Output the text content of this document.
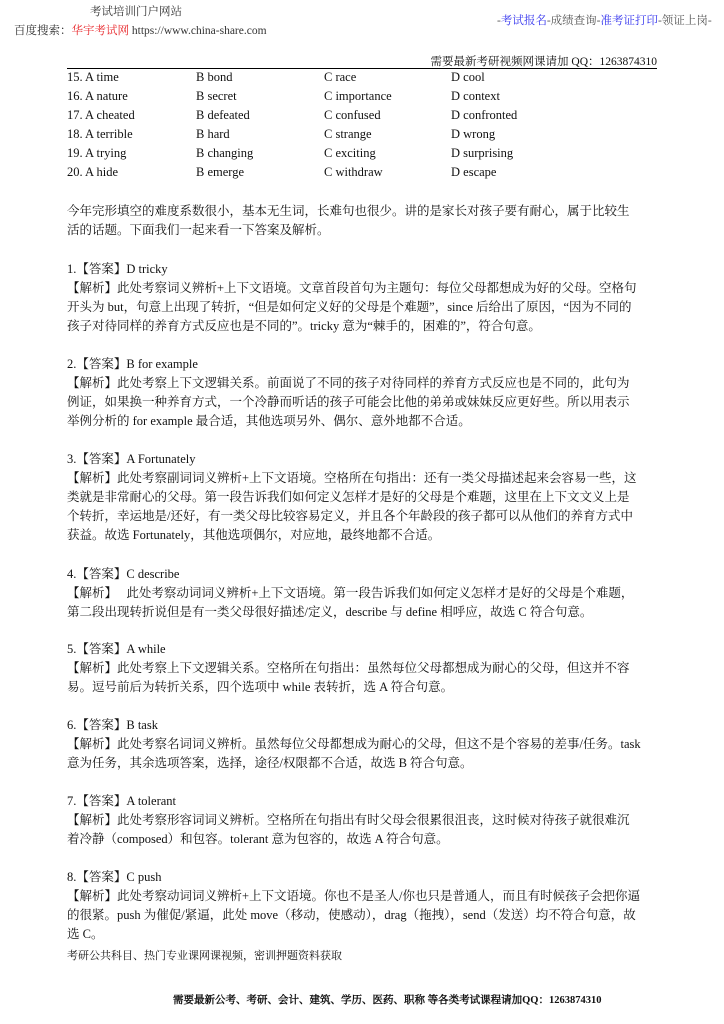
考试培训门户网站
百度搜索：华宇考试网 https://www.china-share.com
-考试报名-成绩查询-准考证打印-领证上岗-
需要最新考研视频网课请加 QQ：1263874310
15. A time	B bond	C race	D cool
16. A nature	B secret	C importance	D context
17. A cheated	B defeated	C confused	D confronted
18. A terrible	B hard	C strange	D wrong
19. A trying	B changing	C exciting	D surprising
20. A hide	B emerge	C withdraw	D escape
今年完形填空的难度系数很小，基本无生词，长难句也很少。讲的是家长对孩子要有耐心，属于比较生
活的话题。下面我们一起来看一下答案及解析。
1.【答案】D tricky
【解析】此处考察词义辨析+上下文语境。文章首段首句为主题句：每位父母都想成为好的父母。空格句
开头为 but，句意上出现了转折，“但是如何定义好的父母是个难题”，since 后给出了原因，“因为不同的
孩子对待同样的养育方式反应也是不同的”。tricky 意为“棘手的，困难的”，符合句意。
2.【答案】B for example
【解析】此处考察上下文逻辑关系。前面说了不同的孩子对待同样的养育方式反应也是不同的，此句为
例证，如果换一种养育方式，一个冷静而听话的孩子可能会比他的弟弟或妹妹反应更好些。所以用表示
举例分析的 for example 最合适，其他选项另外、偶尔、意外地都不合适。
3.【答案】A Fortunately
【解析】此处考察副词词义辨析+上下文语境。空格所在句指出：还有一类父母描述起来会容易一些，这
类就是非常耐心的父母。第一段告诉我们如何定义怎样才是好的父母是个难题，这里在上下文文义上是
个转折，幸运地是/还好，有一类父母比较容易定义，并且各个年龄段的孩子都可以从他们的养育方式中
获益。故选 Fortunately，其他选项偶尔，对应地，最终地都不合适。
4.【答案】C describe
【解析】　 此处考察动词词义辨析+上下文语境。第一段告诉我们如何定义怎样才是好的父母是个难题，
第二段出现转折说但是有一类父母很好描述/定义，describe 与 define 相呼应，故选 C 符合句意。
5.【答案】A while
【解析】此处考察上下文逻辑关系。空格所在句指出：虽然每位父母都想成为耐心的父母，但这并不容
易。逗号前后为转折关系，四个选项中 while 表转折，选 A 符合句意。
6.【答案】B task
【解析】此处考察名词词义辨析。虽然每位父母都想成为耐心的父母，但这不是个容易的差事/任务。task
意为任务，其余选项答案，选择，途径/权限都不合适，故选 B 符合句意。
7.【答案】A tolerant
【解析】此处考察形容词词义辨析。空格所在句指出有时父母会很累很沮丧，这时候对待孩子就很难沉
着冷静（composed）和包容。tolerant 意为包容的，故选 A 符合句意。
8.【答案】C push
【解析】此处考察动词词义辨析+上下文语境。你也不是圣人/你也只是普通人，而且有时候孩子会把你逼
的很紧。push 为催促/紧逼，此处 move（移动，使感动），drag（拖拽），send（发送）均不符合句意，故
选 C。
考研公共科目、热门专业课网课视频，密训押题资料获取
需要最新公考、考研、会计、建筑、学历、医药、职称 等各类考试课程请加QQ：1263874310
